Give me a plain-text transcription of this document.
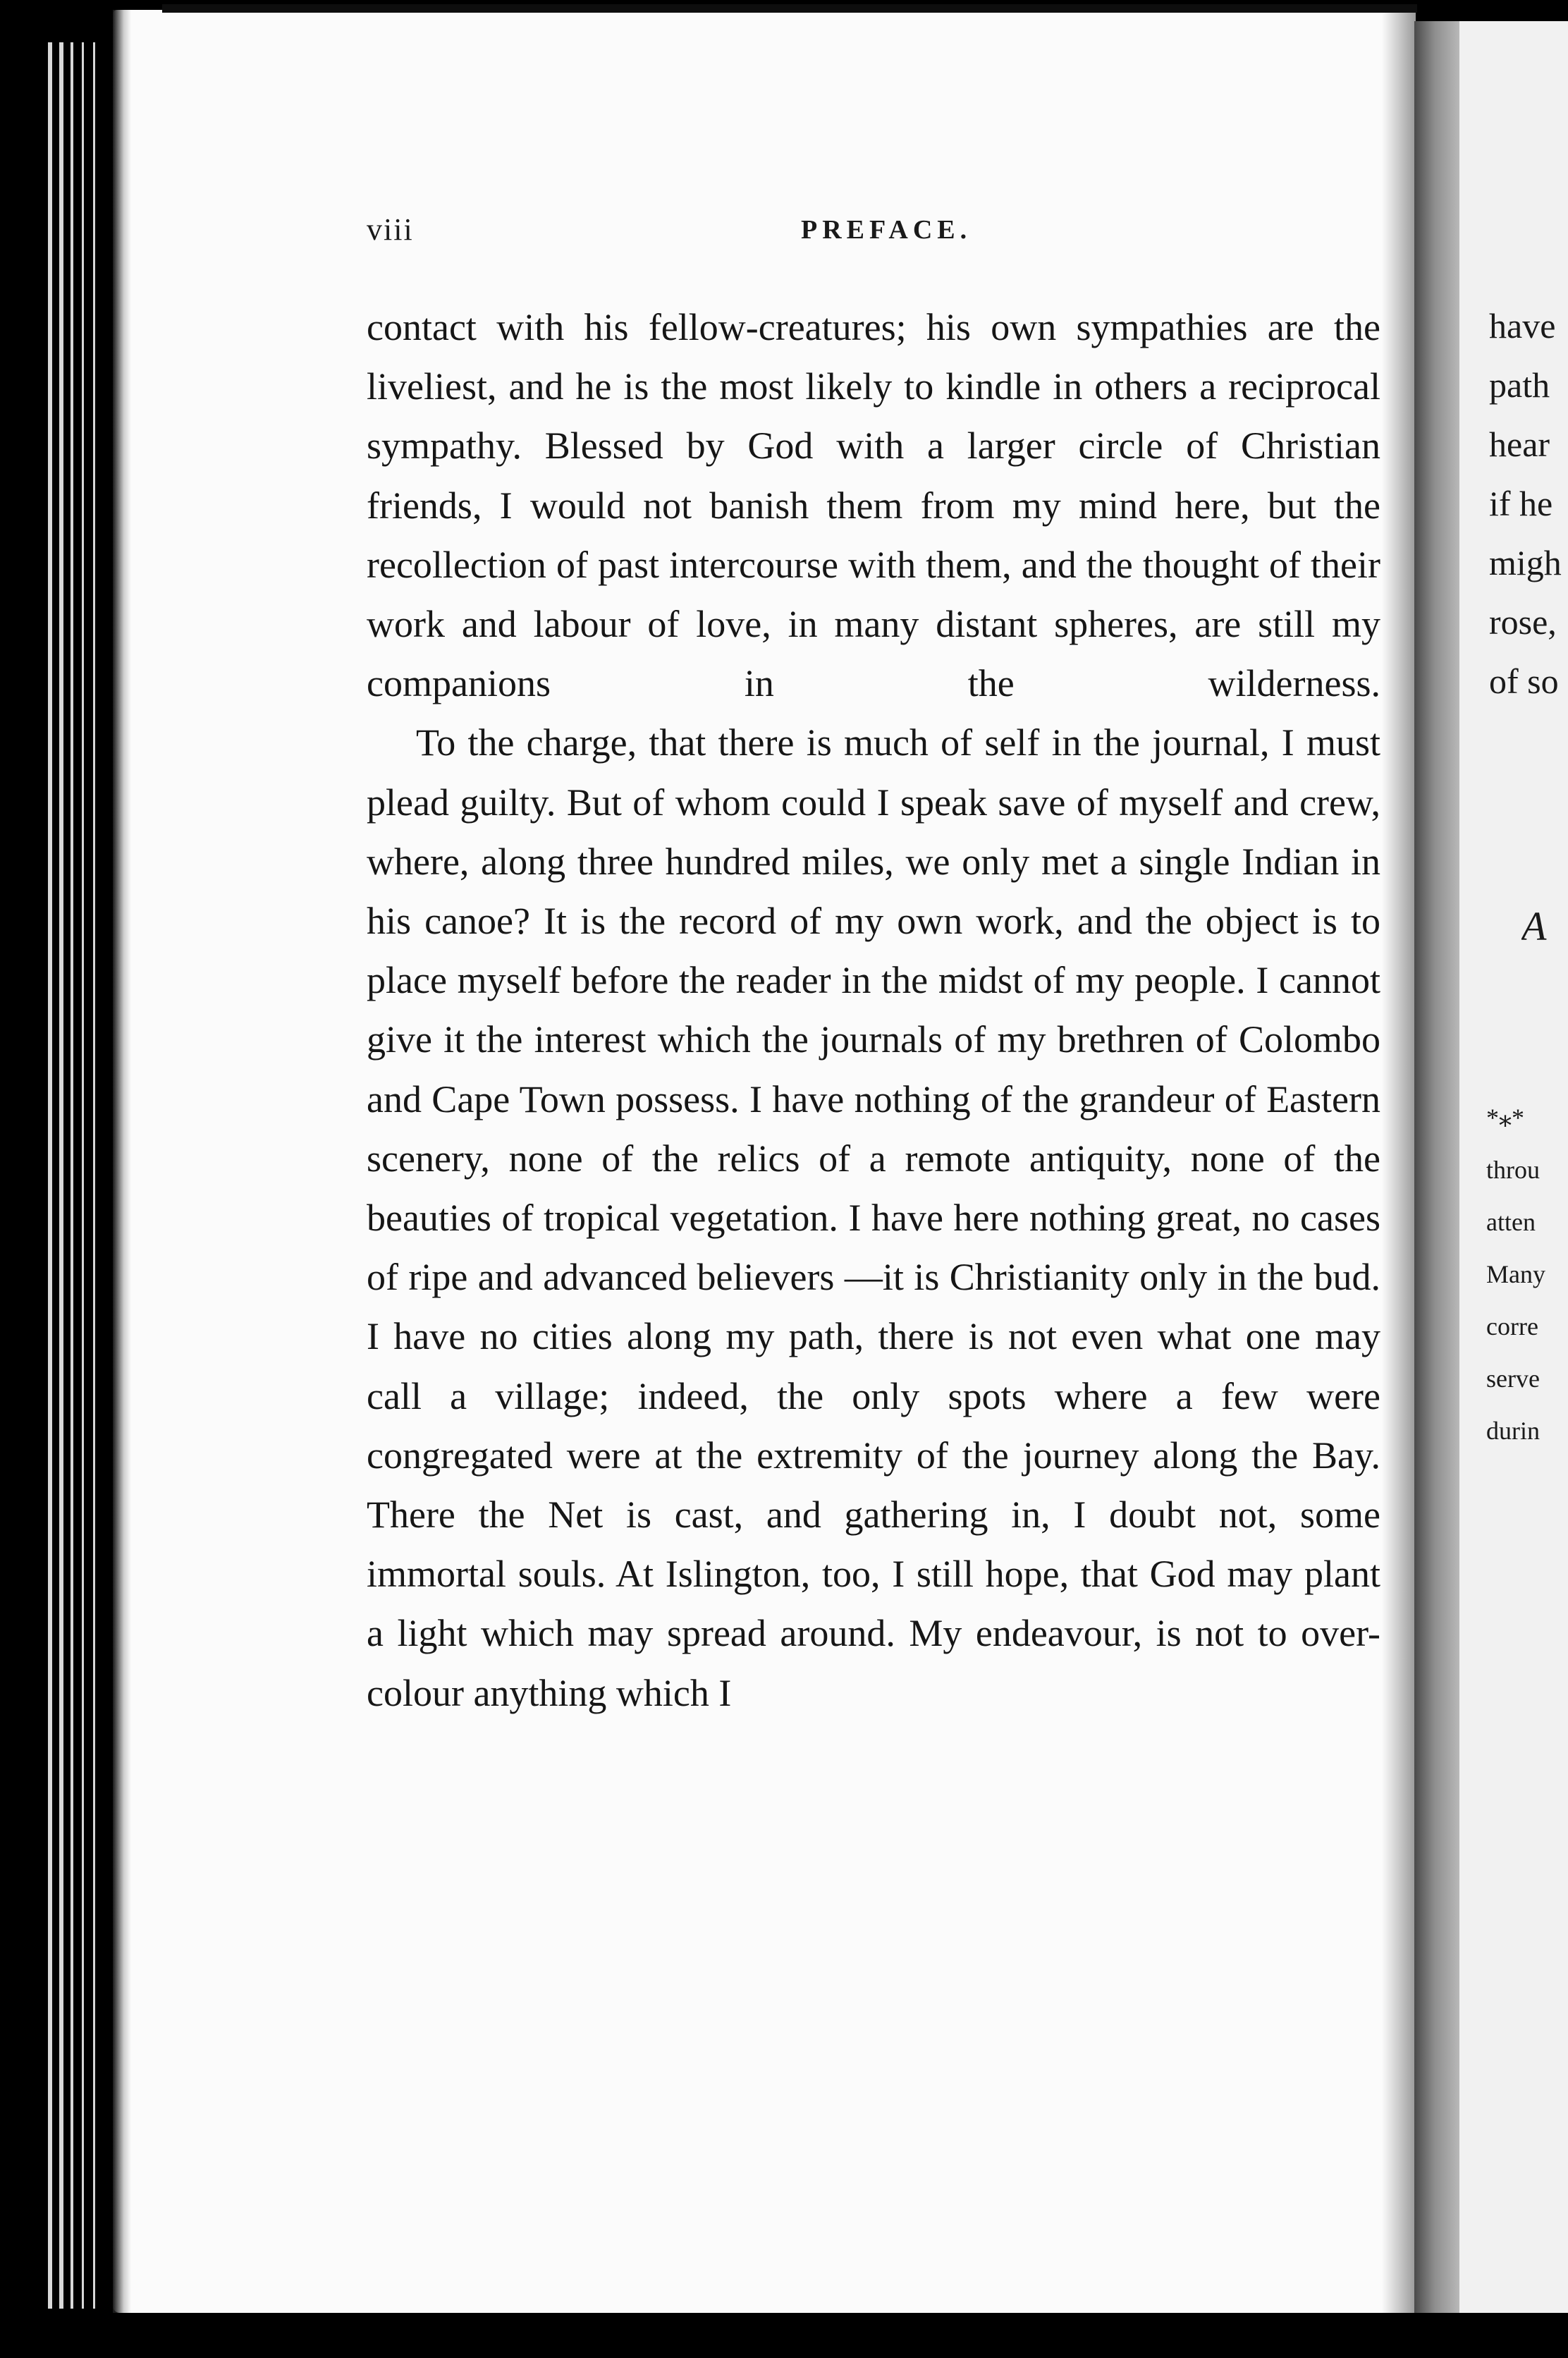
viii	PREFACE.

contact with his fellow-creatures; his own sympathies are the liveliest, and he is the most likely to kindle in others a reciprocal sympathy. Blessed by God with a larger circle of Christian friends, I would not banish them from my mind here, but the recollection of past intercourse with them, and the thought of their work and labour of love, in many distant spheres, are still my companions in the wilderness.

To the charge, that there is much of self in the journal, I must plead guilty. But of whom could I speak save of myself and crew, where, along three hundred miles, we only met a single Indian in his canoe? It is the record of my own work, and the object is to place myself before the reader in the midst of my people. I cannot give it the interest which the journals of my brethren of Colombo and Cape Town possess. I have nothing of the grandeur of Eastern scenery, none of the relics of a remote antiquity, none of the beauties of tropical vegetation. I have here nothing great, no cases of ripe and advanced believers —it is Christianity only in the bud. I have no cities along my path, there is not even what one may call a village; indeed, the only spots where a few were congregated were at the extremity of the journey along the Bay. There the Net is cast, and gathering in, I doubt not, some immortal souls. At Islington, too, I still hope, that God may plant a light which may spread around. My endeavour, is not to over-colour anything which I

have
path
hear
if he
migh
rose,
of so
A
*⁎*
throu
atten
Many
corre
serve
durin
